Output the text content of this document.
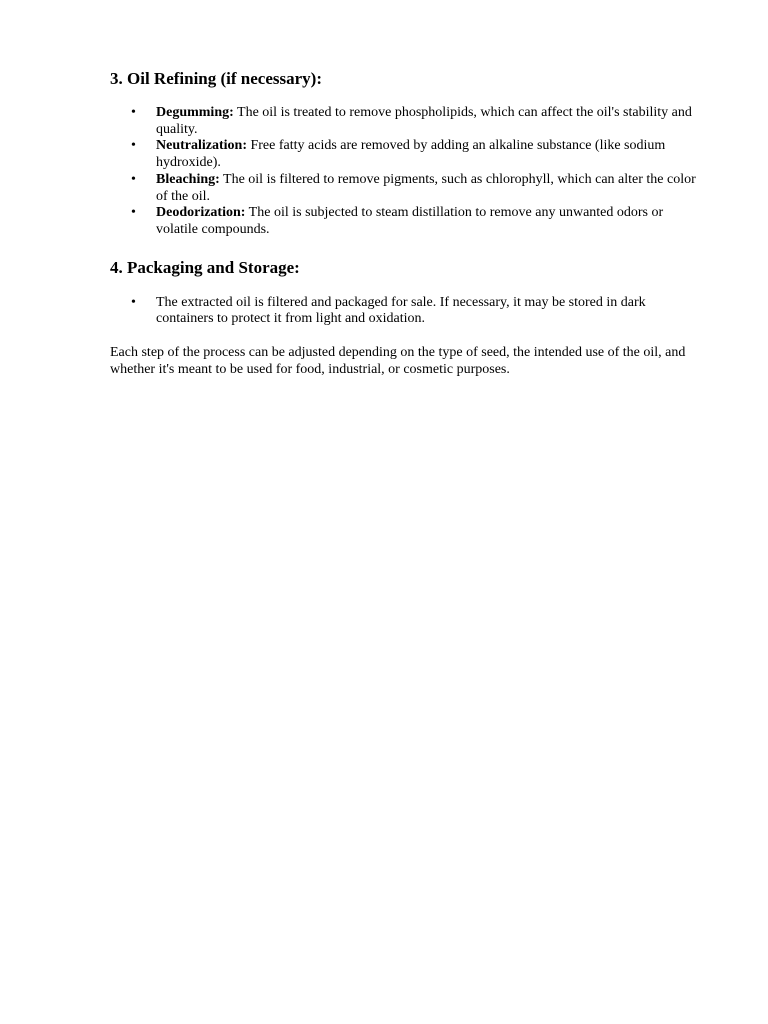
3. Oil Refining (if necessary):
• Degumming: The oil is treated to remove phospholipids, which can affect the oil's stability and quality.
• Neutralization: Free fatty acids are removed by adding an alkaline substance (like sodium hydroxide).
• Bleaching: The oil is filtered to remove pigments, such as chlorophyll, which can alter the color of the oil.
• Deodorization: The oil is subjected to steam distillation to remove any unwanted odors or volatile compounds.
4. Packaging and Storage:
• The extracted oil is filtered and packaged for sale. If necessary, it may be stored in dark containers to protect it from light and oxidation.

Each step of the process can be adjusted depending on the type of seed, the intended use of the oil, and whether it's meant to be used for food, industrial, or cosmetic purposes.
